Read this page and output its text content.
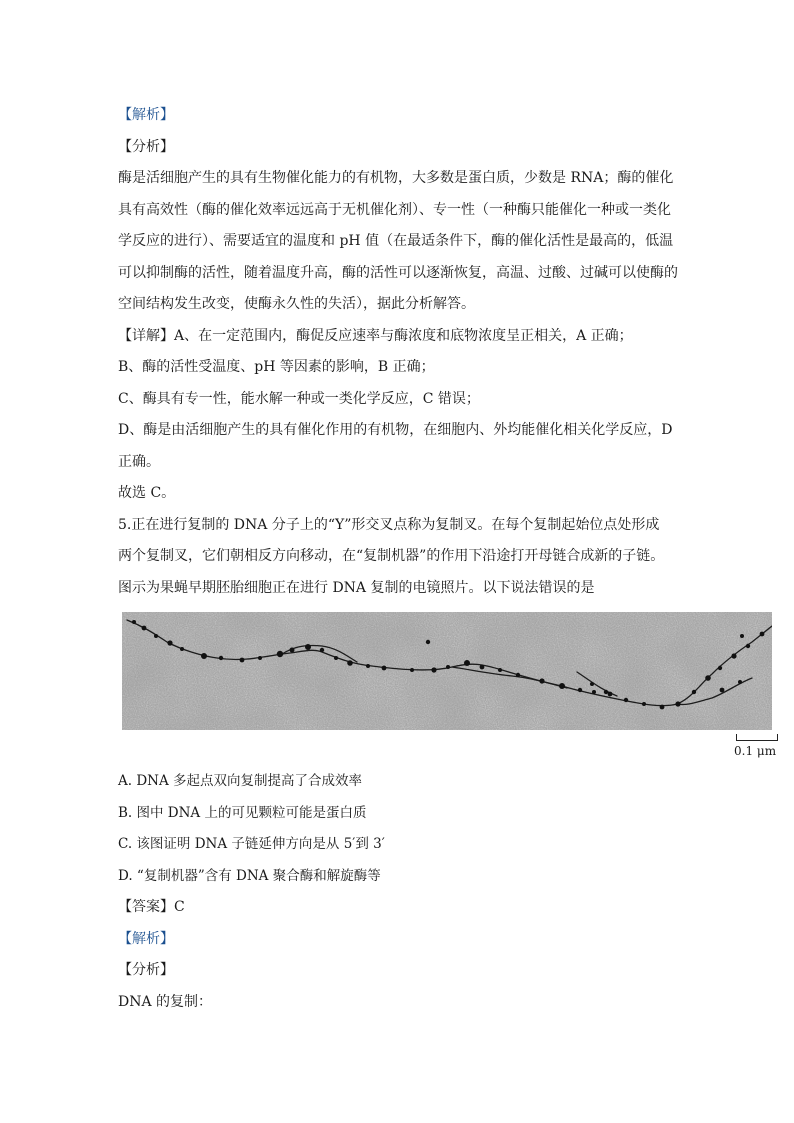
【解析】
【分析】
酶是活细胞产生的具有生物催化能力的有机物，大多数是蛋白质，少数是 RNA；酶的催化
具有高效性（酶的催化效率远远高于无机催化剂）、专一性（一种酶只能催化一种或一类化
学反应的进行）、需要适宜的温度和 pH 值（在最适条件下，酶的催化活性是最高的，低温
可以抑制酶的活性，随着温度升高，酶的活性可以逐渐恢复，高温、过酸、过碱可以使酶的
空间结构发生改变，使酶永久性的失活），据此分析解答。
【详解】A、在一定范围内，酶促反应速率与酶浓度和底物浓度呈正相关，A 正确；
B、酶的活性受温度、pH 等因素的影响，B 正确；
C、酶具有专一性，能水解一种或一类化学反应，C 错误；
D、酶是由活细胞产生的具有催化作用的有机物，在细胞内、外均能催化相关化学反应，D
正确。
故选 C。
5.正在进行复制的 DNA 分子上的“Y”形交叉点称为复制叉。在每个复制起始位点处形成
两个复制叉，它们朝相反方向移动，在“复制机器”的作用下沿途打开母链合成新的子链。
图示为果蝇早期胚胎细胞正在进行 DNA 复制的电镜照片。以下说法错误的是
0.1 μm
A. DNA 多起点双向复制提高了合成效率
B. 图中 DNA 上的可见颗粒可能是蛋白质
C. 该图证明 DNA 子链延伸方向是从 5′到 3′
D. “复制机器”含有 DNA 聚合酶和解旋酶等
【答案】C
【解析】
【分析】
DNA 的复制：
